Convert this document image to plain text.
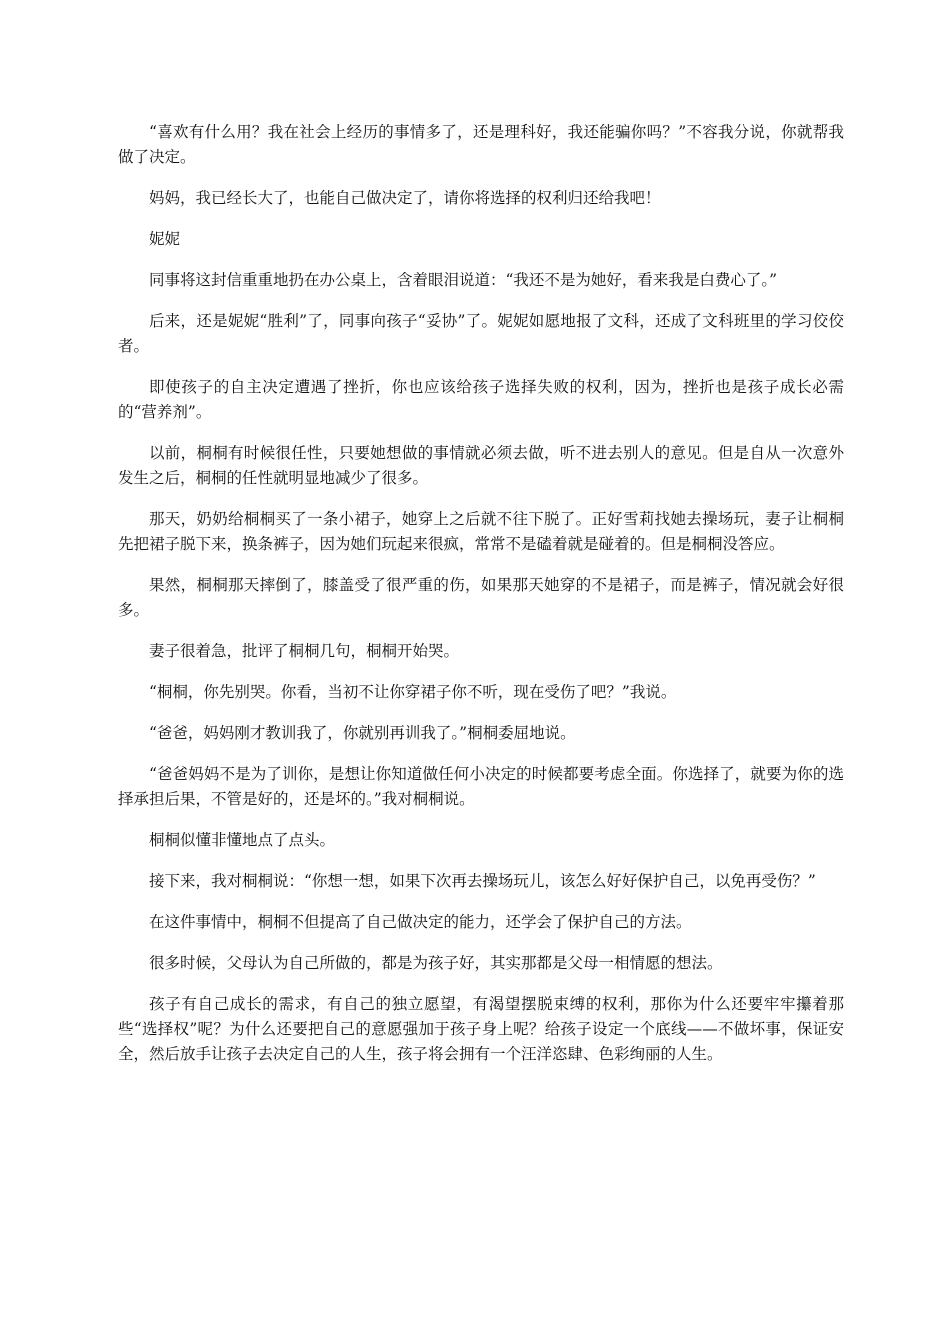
“喜欢有什么用？我在社会上经历的事情多了，还是理科好，我还能骗你吗？”不容我分说，你就帮我做了决定。

妈妈，我已经长大了，也能自己做决定了，请你将选择的权利归还给我吧！

妮妮

同事将这封信重重地扔在办公桌上，含着眼泪说道：“我还不是为她好，看来我是白费心了。”

后来，还是妮妮“胜利”了，同事向孩子“妥协”了。妮妮如愿地报了文科，还成了文科班里的学习佼佼者。

即使孩子的自主决定遭遇了挫折，你也应该给孩子选择失败的权利，因为，挫折也是孩子成长必需的“营养剂”。

以前，桐桐有时候很任性，只要她想做的事情就必须去做，听不进去别人的意见。但是自从一次意外发生之后，桐桐的任性就明显地减少了很多。

那天，奶奶给桐桐买了一条小裙子，她穿上之后就不往下脱了。正好雪莉找她去操场玩，妻子让桐桐先把裙子脱下来，换条裤子，因为她们玩起来很疯，常常不是磕着就是碰着的。但是桐桐没答应。

果然，桐桐那天摔倒了，膝盖受了很严重的伤，如果那天她穿的不是裙子，而是裤子，情况就会好很多。

妻子很着急，批评了桐桐几句，桐桐开始哭。

“桐桐，你先别哭。你看，当初不让你穿裙子你不听，现在受伤了吧？”我说。

“爸爸，妈妈刚才教训我了，你就别再训我了。”桐桐委屈地说。

“爸爸妈妈不是为了训你，是想让你知道做任何小决定的时候都要考虑全面。你选择了，就要为你的选择承担后果，不管是好的，还是坏的。”我对桐桐说。

桐桐似懂非懂地点了点头。

接下来，我对桐桐说：“你想一想，如果下次再去操场玩儿，该怎么好好保护自己，以免再受伤？”

在这件事情中，桐桐不但提高了自己做决定的能力，还学会了保护自己的方法。

很多时候，父母认为自己所做的，都是为孩子好，其实那都是父母一相情愿的想法。

孩子有自己成长的需求，有自己的独立愿望，有渴望摆脱束缚的权利，那你为什么还要牢牢攥着那些“选择权”呢？为什么还要把自己的意愿强加于孩子身上呢？给孩子设定一个底线——不做坏事，保证安全，然后放手让孩子去决定自己的人生，孩子将会拥有一个汪洋恣肆、色彩绚丽的人生。
